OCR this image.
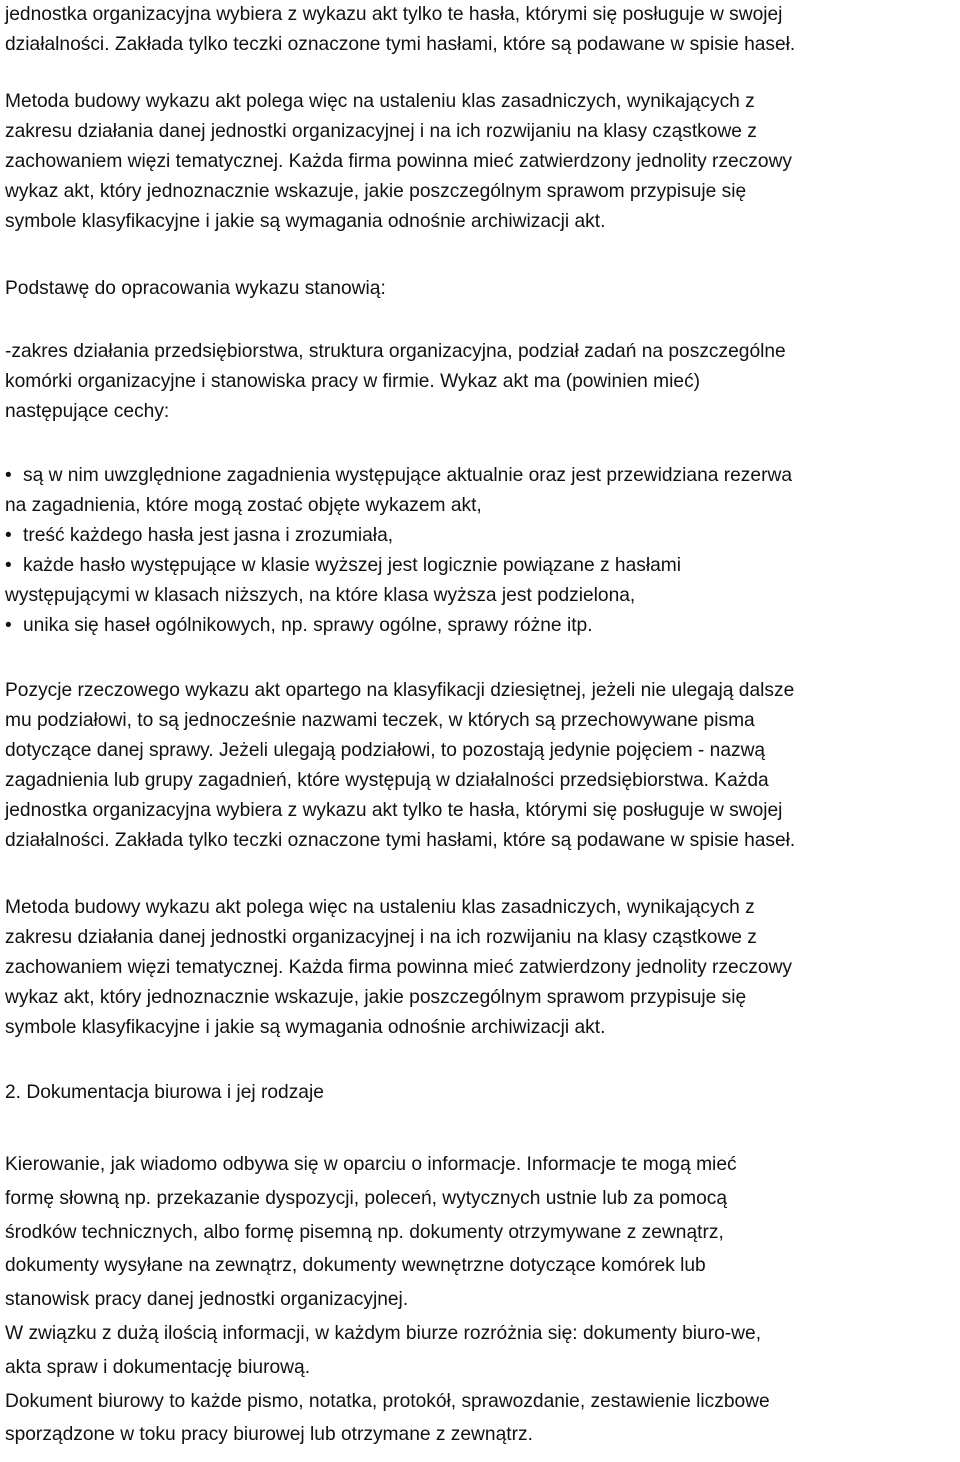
jednostka organizacyjna wybiera z wykazu akt tylko te hasła, którymi się posługuje w swojej
działalności. Zakłada tylko teczki oznaczone tymi hasłami, które są podawane w spisie haseł.
Metoda budowy wykazu akt polega więc na ustaleniu klas zasadniczych, wynikających z
zakresu działania danej jednostki organizacyjnej i na ich rozwijaniu na klasy cząstkowe z
zachowaniem więzi tematycznej. Każda firma powinna mieć zatwierdzony jednolity rzeczowy
wykaz akt, który jednoznacznie wskazuje, jakie poszczególnym sprawom przypisuje się
symbole klasyfikacyjne i jakie są wymagania odnośnie archiwizacji akt.
Podstawę do opracowania wykazu stanowią:
-zakres działania przedsiębiorstwa, struktura organizacyjna, podział zadań na poszczególne
komórki organizacyjne i stanowiska pracy w firmie. Wykaz akt ma (powinien mieć)
następujące cechy:
• są w nim uwzględnione zagadnienia występujące aktualnie oraz jest przewidziana rezerwa
na zagadnienia, które mogą zostać objęte wykazem akt,
• treść każdego hasła jest jasna i zrozumiała,
• każde hasło występujące w klasie wyższej jest logicznie powiązane z hasłami
występującymi w klasach niższych, na które klasa wyższa jest podzielona,
• unika się haseł ogólnikowych, np. sprawy ogólne, sprawy różne itp.
Pozycje rzeczowego wykazu akt opartego na klasyfikacji dziesiętnej, jeżeli nie ulegają dalsze
mu podziałowi, to są jednocześnie nazwami teczek, w których są przechowywane pisma
dotyczące danej sprawy. Jeżeli ulegają podziałowi, to pozostają jedynie pojęciem - nazwą
zagadnienia lub grupy zagadnień, które występują w działalności przedsiębiorstwa. Każda
jednostka organizacyjna wybiera z wykazu akt tylko te hasła, którymi się posługuje w swojej
działalności. Zakłada tylko teczki oznaczone tymi hasłami, które są podawane w spisie haseł.
Metoda budowy wykazu akt polega więc na ustaleniu klas zasadniczych, wynikających z
zakresu działania danej jednostki organizacyjnej i na ich rozwijaniu na klasy cząstkowe z
zachowaniem więzi tematycznej. Każda firma powinna mieć zatwierdzony jednolity rzeczowy
wykaz akt, który jednoznacznie wskazuje, jakie poszczególnym sprawom przypisuje się
symbole klasyfikacyjne i jakie są wymagania odnośnie archiwizacji akt.
2. Dokumentacja biurowa i jej rodzaje
Kierowanie, jak wiadomo odbywa się w oparciu o informacje. Informacje te mogą mieć
formę słowną np. przekazanie dyspozycji, poleceń, wytycznych ustnie lub za pomocą
środków technicznych, albo formę pisemną np. dokumenty otrzymywane z zewnątrz,
dokumenty wysyłane na zewnątrz, dokumenty wewnętrzne dotyczące komórek lub
stanowisk pracy danej jednostki organizacyjnej.
W związku z dużą ilością informacji, w każdym biurze rozróżnia się: dokumenty biuro-we,
akta spraw i dokumentację biurową.
Dokument biurowy to każde pismo, notatka, protokół, sprawozdanie, zestawienie liczbowe
sporządzone w toku pracy biurowej lub otrzymane z zewnątrz.
